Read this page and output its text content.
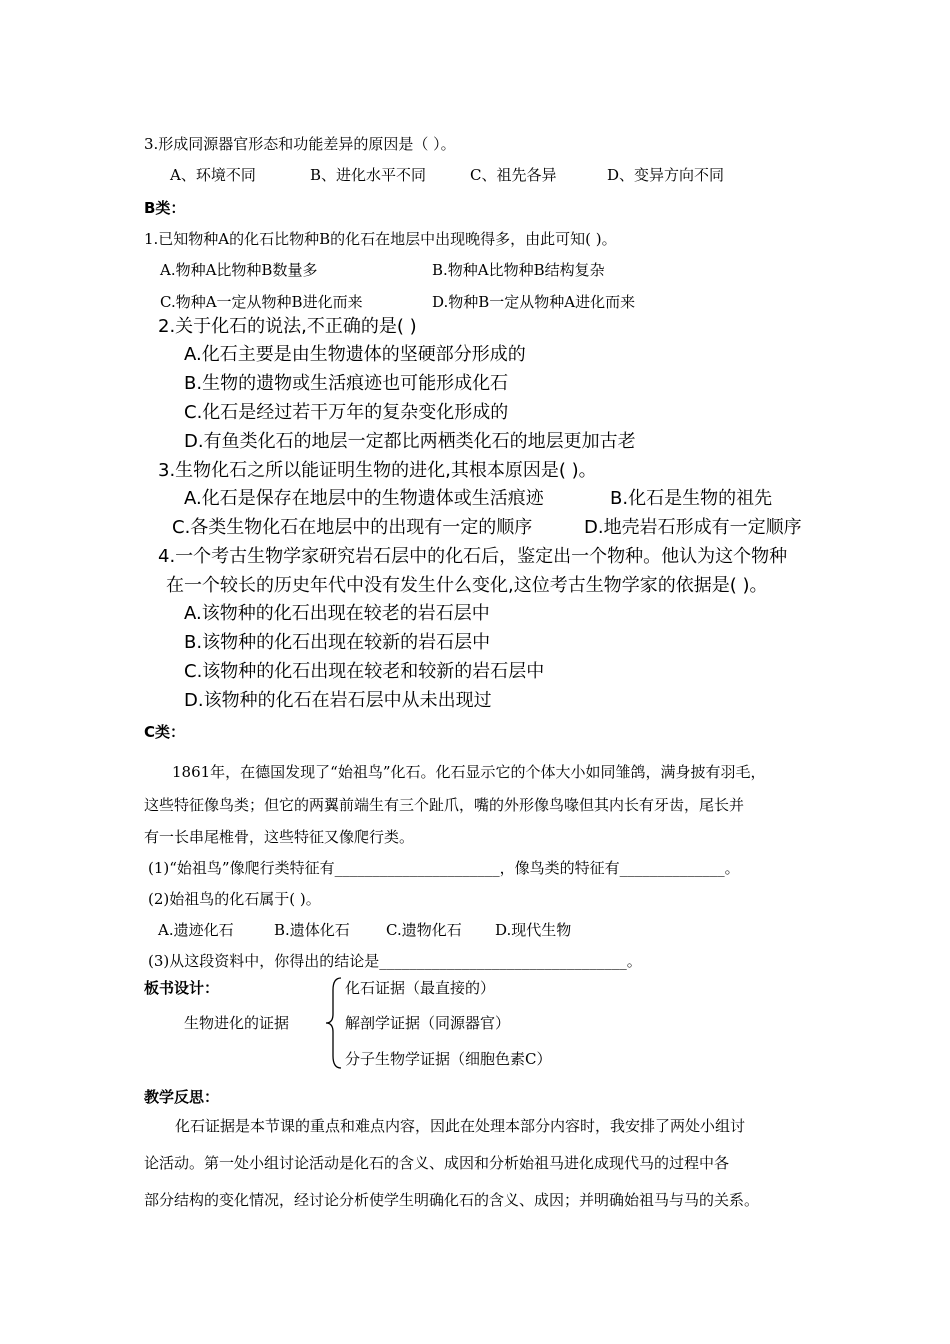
3.形成同源器官形态和功能差异的原因是（ ）。
A、环境不同	B、进化水平不同	C、祖先各异	D、变异方向不同
B类：
1.已知物种A的化石比物种B的化石在地层中出现晚得多，由此可知( )。
A.物种A比物种B数量多	B.物种A比物种B结构复杂
C.物种A一定从物种B进化而来	D.物种B一定从物种A进化而来
2.关于化石的说法,不正确的是( )
A.化石主要是由生物遗体的坚硬部分形成的
B.生物的遗物或生活痕迹也可能形成化石
C.化石是经过若干万年的复杂变化形成的
D.有鱼类化石的地层一定都比两栖类化石的地层更加古老
3.生物化石之所以能证明生物的进化,其根本原因是( )。
A.化石是保存在地层中的生物遗体或生活痕迹	B.化石是生物的祖先
C.各类生物化石在地层中的出现有一定的顺序	D.地壳岩石形成有一定顺序
4.一个考古生物学家研究岩石层中的化石后，鉴定出一个物种。他认为这个物种
在一个较长的历史年代中没有发生什么变化,这位考古生物学家的依据是( )。
A.该物种的化石出现在较老的岩石层中
B.该物种的化石出现在较新的岩石层中
C.该物种的化石出现在较老和较新的岩石层中
D.该物种的化石在岩石层中从未出现过
C类：
1861年，在德国发现了“始祖鸟”化石。化石显示它的个体大小如同雏鸽，满身披有羽毛，
这些特征像鸟类；但它的两翼前端生有三个趾爪，嘴的外形像鸟喙但其内长有牙齿，尾长并
有一长串尾椎骨，这些特征又像爬行类。
(1)“始祖鸟”像爬行类特征有______________________，像鸟类的特征有______________。
(2)始祖鸟的化石属于( )。
A.遗迹化石	B.遗体化石 C.遗物化石 D.现代生物
(3)从这段资料中，你得出的结论是_________________________________。
板书设计：
生物进化的证据
化石证据（最直接的）
解剖学证据（同源器官）
分子生物学证据（细胞色素C）
教学反思：
化石证据是本节课的重点和难点内容，因此在处理本部分内容时，我安排了两处小组讨
论活动。第一处小组讨论活动是化石的含义、成因和分析始祖马进化成现代马的过程中各
部分结构的变化情况，经讨论分析使学生明确化石的含义、成因；并明确始祖马与马的关系。
